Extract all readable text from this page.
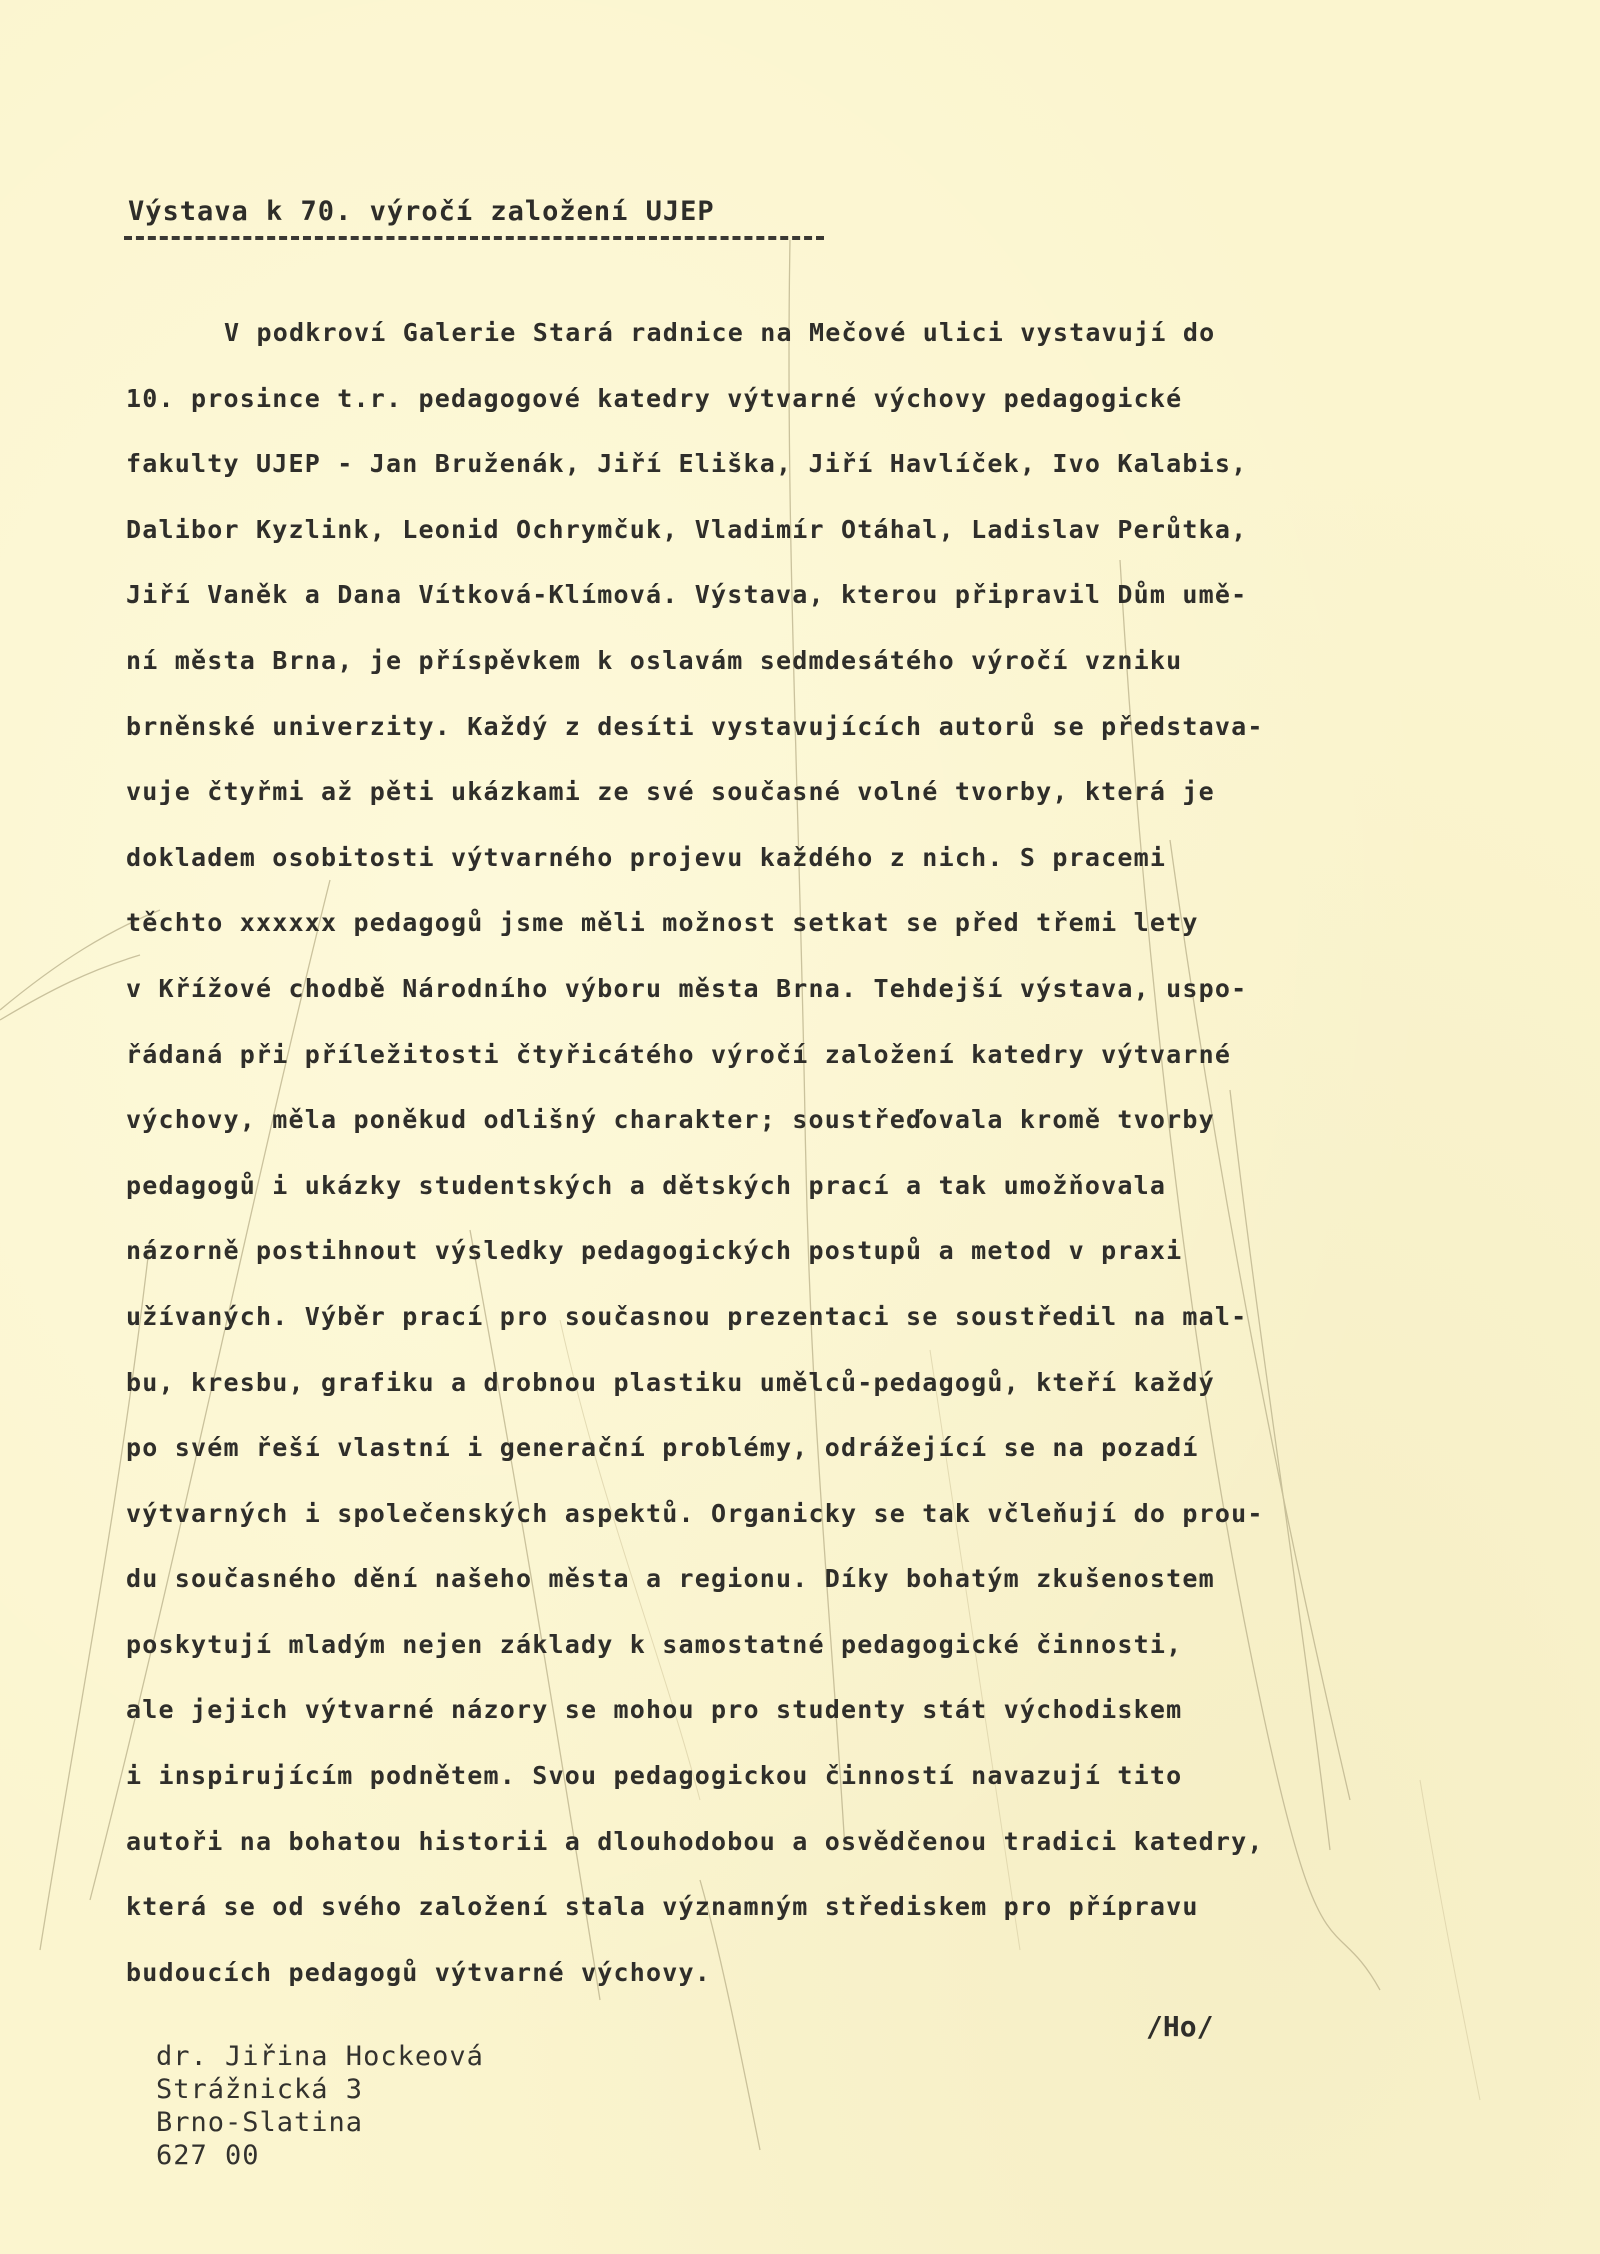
Výstava k 70. výročí založení UJEP
V podkroví Galerie Stará radnice na Mečové ulici vystavují do
10. prosince t.r. pedagogové katedry výtvarné výchovy pedagogické
fakulty UJEP - Jan Bruženák, Jiří Eliška, Jiří Havlíček, Ivo Kalabis,
Dalibor Kyzlink, Leonid Ochrymčuk, Vladimír Otáhal, Ladislav Perůtka,
Jiří Vaněk a Dana Vítková-Klímová. Výstava, kterou připravil Dům umě-
ní města Brna, je příspěvkem k oslavám sedmdesátého výročí vzniku
brněnské univerzity. Každý z desíti vystavujících autorů se představa-
vuje čtyřmi až pěti ukázkami ze své současné volné tvorby, která je
dokladem osobitosti výtvarného projevu každého z nich. S pracemi
těchto xxxxxx pedagogů jsme měli možnost setkat se před třemi lety
v Křížové chodbě Národního výboru města Brna. Tehdejší výstava, uspo-
řádaná při příležitosti čtyřicátého výročí založení katedry výtvarné
výchovy, měla poněkud odlišný charakter; soustřeďovala kromě tvorby
pedagogů i ukázky studentských a dětských prací a tak umožňovala
názorně postihnout výsledky pedagogických postupů a metod v praxi
užívaných. Výběr prací pro současnou prezentaci se soustředil na mal-
bu, kresbu, grafiku a drobnou plastiku umělců-pedagogů, kteří každý
po svém řeší vlastní i generační problémy, odrážející se na pozadí
výtvarných i společenských aspektů. Organicky se tak včleňují do prou-
du současného dění našeho města a regionu. Díky bohatým zkušenostem
poskytují mladým nejen základy k samostatné pedagogické činnosti,
ale jejich výtvarné názory se mohou pro studenty stát východiskem
i inspirujícím podnětem. Svou pedagogickou činností navazují tito
autoři na bohatou historii a dlouhodobou a osvědčenou tradici katedry,
která se od svého založení stala významným střediskem pro přípravu
budoucích pedagogů výtvarné výchovy.

/Ho/

dr. Jiřina Hockeová
Strážnická 3
Brno-Slatina
627 00
